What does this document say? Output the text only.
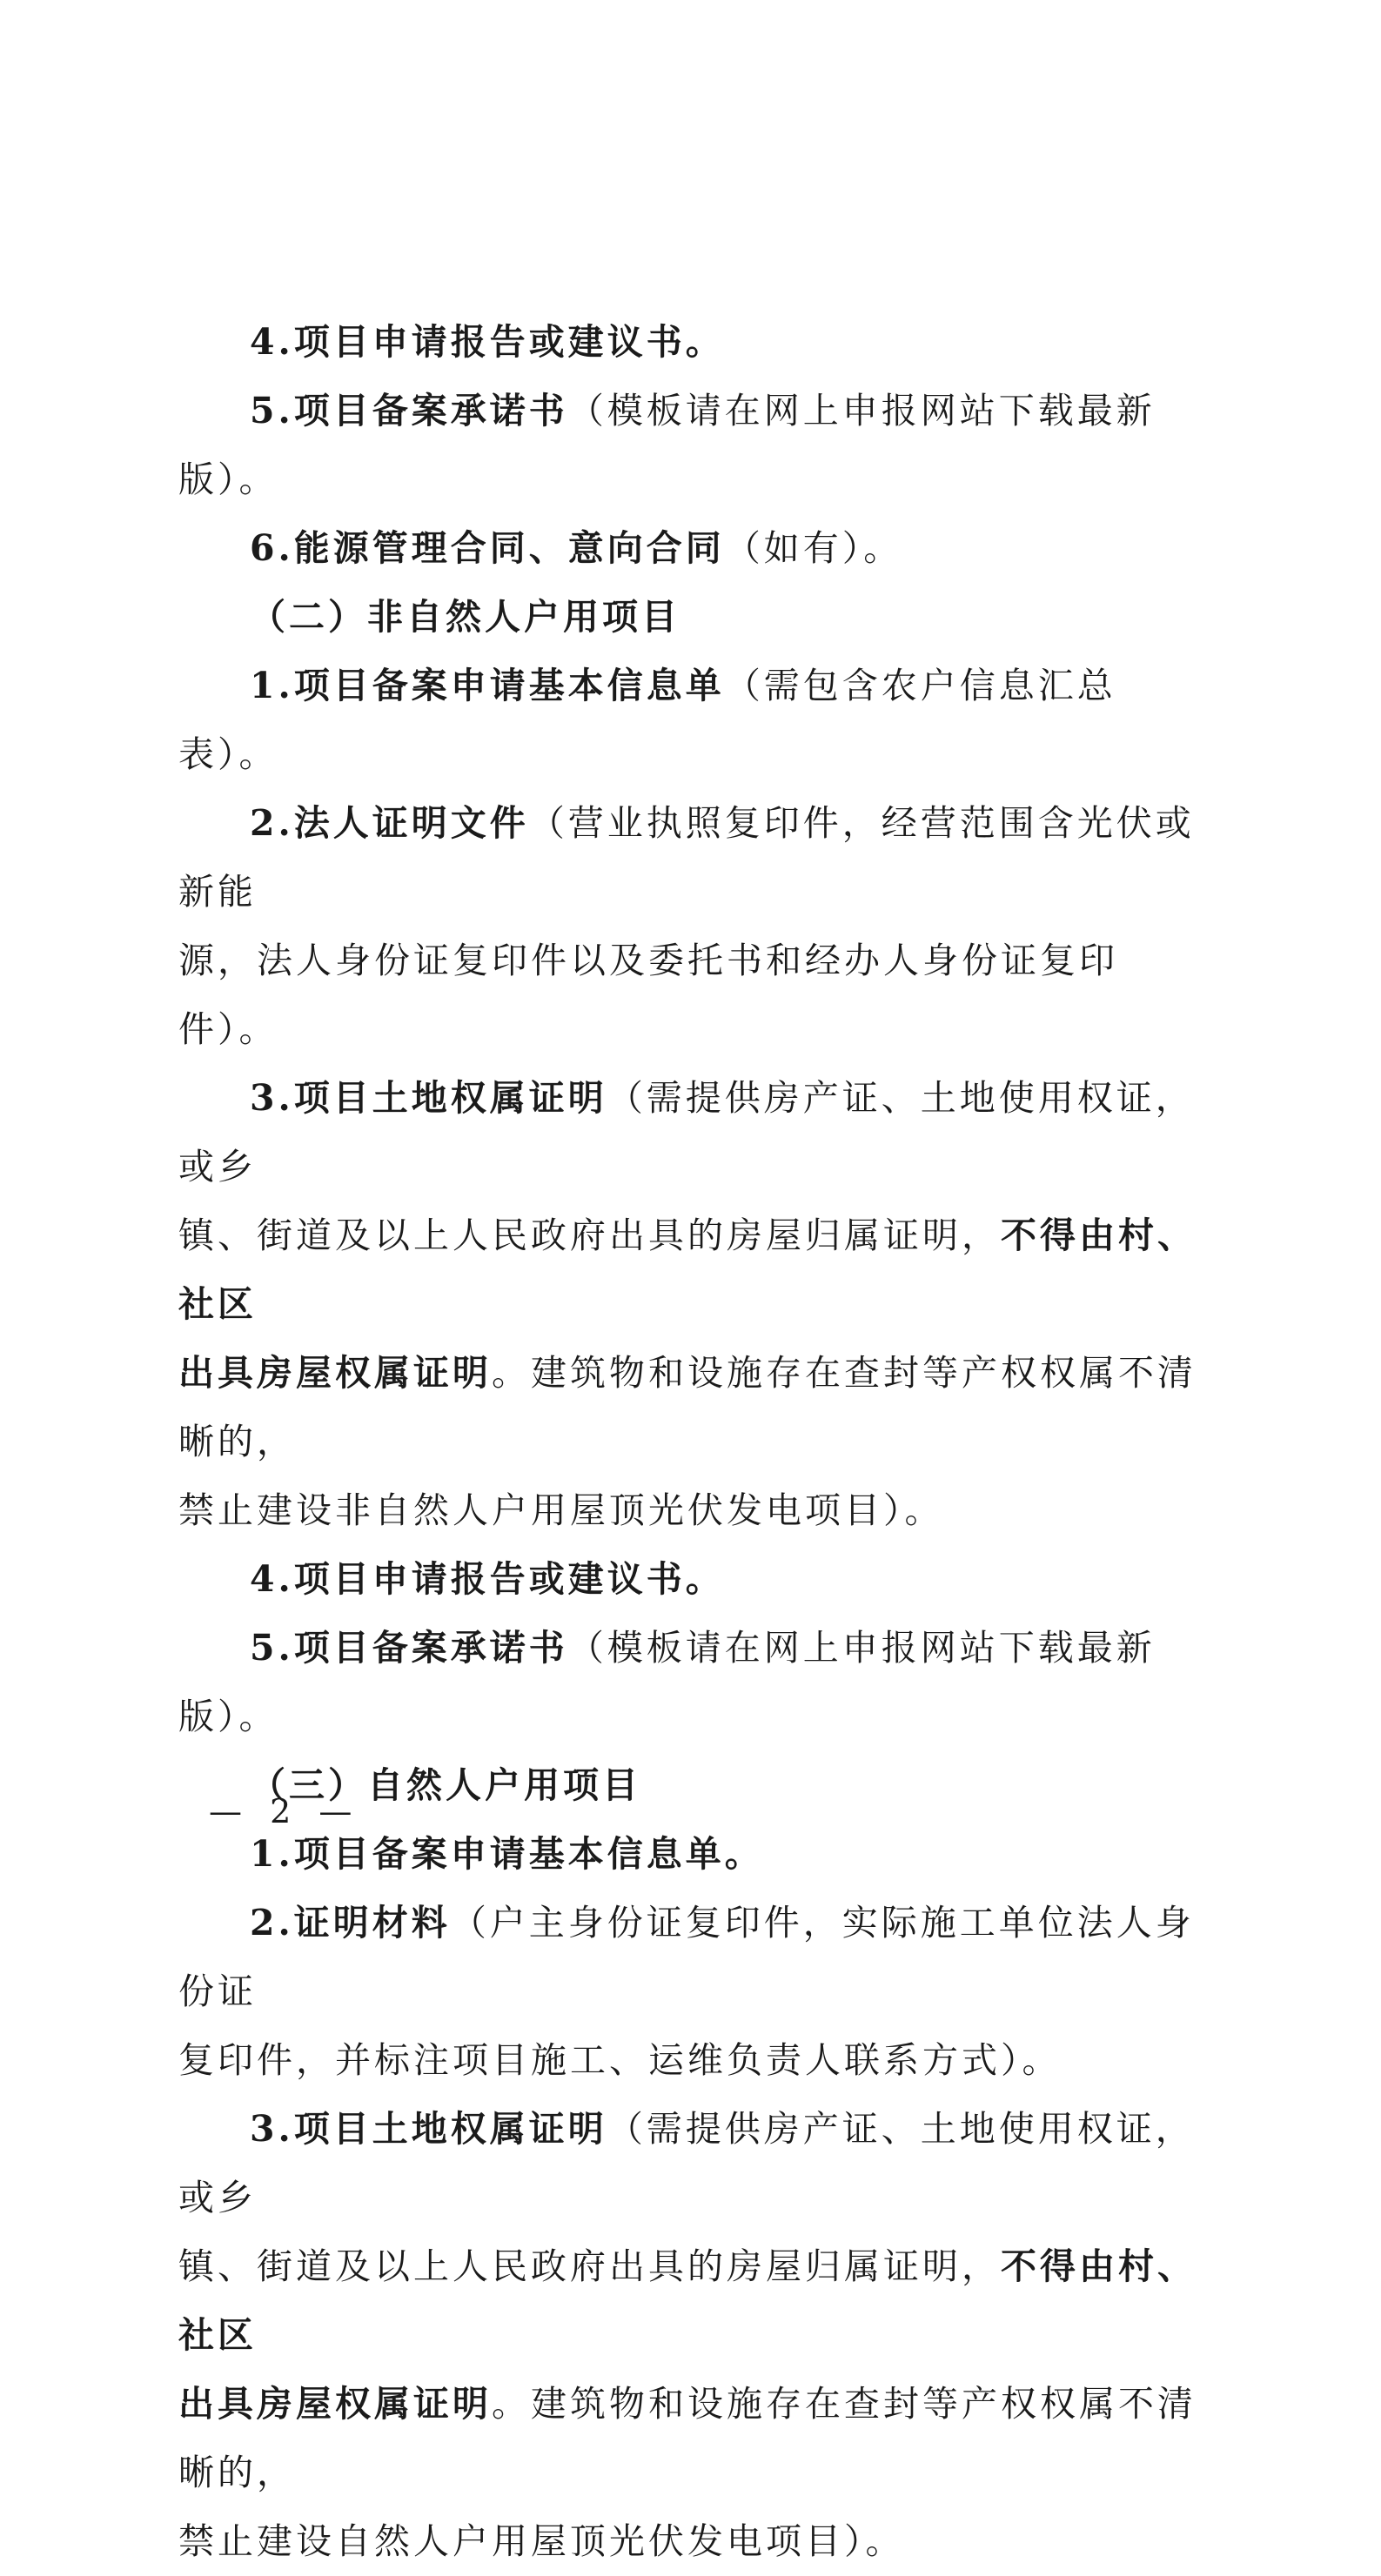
4.项目申请报告或建议书。

5.项目备案承诺书（模板请在网上申报网站下载最新版）。

6.能源管理合同、意向合同（如有）。

（二）非自然人户用项目

1.项目备案申请基本信息单（需包含农户信息汇总表）。

2.法人证明文件（营业执照复印件，经营范围含光伏或新能

源，法人身份证复印件以及委托书和经办人身份证复印件）。

3.项目土地权属证明（需提供房产证、土地使用权证，或乡

镇、街道及以上人民政府出具的房屋归属证明，不得由村、社区

出具房屋权属证明。建筑物和设施存在查封等产权权属不清晰的，

禁止建设非自然人户用屋顶光伏发电项目）。

4.项目申请报告或建议书。

5.项目备案承诺书（模板请在网上申报网站下载最新版）。

（三）自然人户用项目

1.项目备案申请基本信息单。

2.证明材料（户主身份证复印件，实际施工单位法人身份证

复印件，并标注项目施工、运维负责人联系方式）。

3.项目土地权属证明（需提供房产证、土地使用权证，或乡

镇、街道及以上人民政府出具的房屋归属证明，不得由村、社区

出具房屋权属证明。建筑物和设施存在查封等产权权属不清晰的，

禁止建设自然人户用屋顶光伏发电项目）。

— 2 —
